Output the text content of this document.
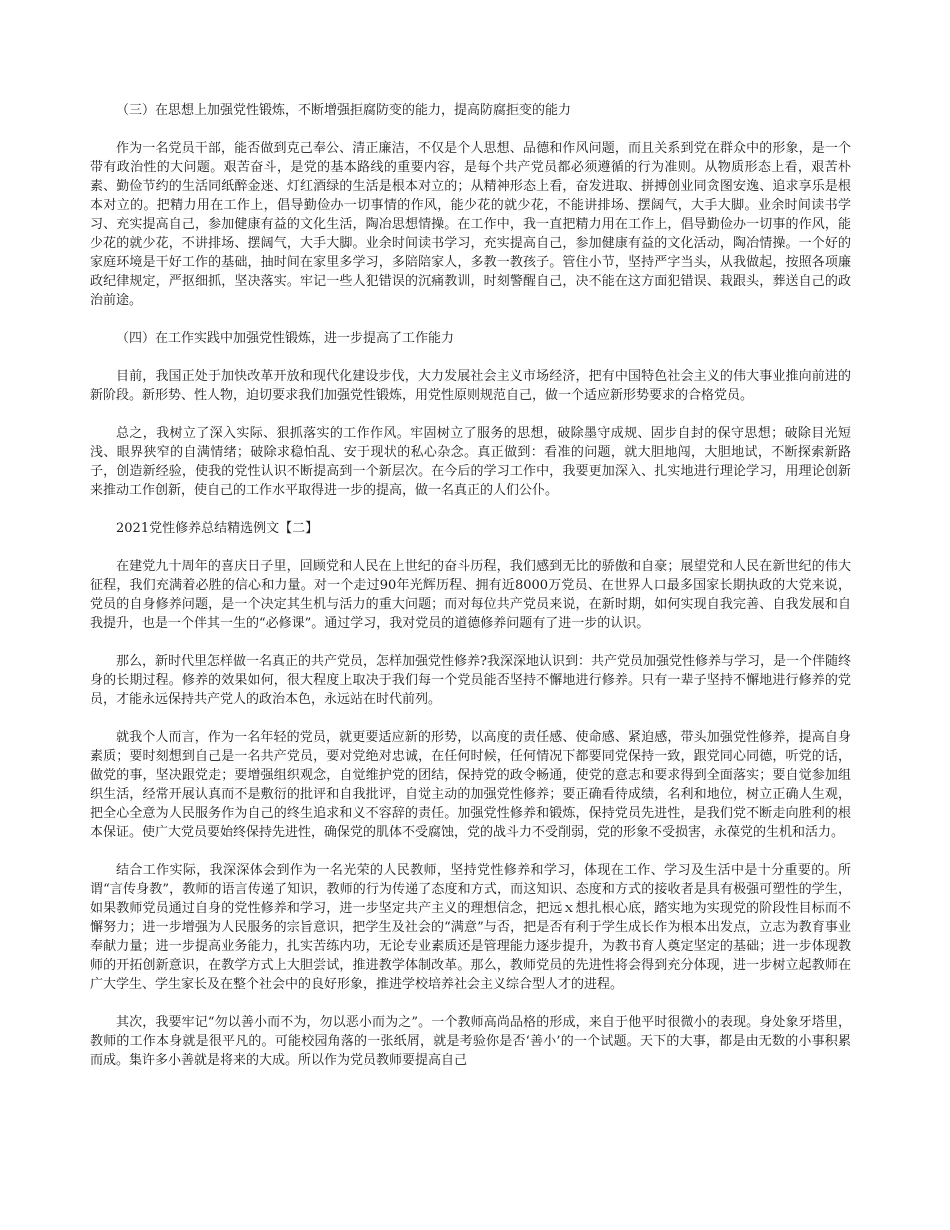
（三）在思想上加强党性锻炼，不断增强拒腐防变的能力，提高防腐拒变的能力

作为一名党员干部，能否做到克己奉公、清正廉洁，不仅是个人思想、品德和作风问题，而且关系到党在群众中的形象，是一个带有政治性的大问题。艰苦奋斗，是党的基本路线的重要内容，是每个共产党员都必须遵循的行为准则。从物质形态上看，艰苦朴素、勤俭节约的生活同纸醉金迷、灯红酒绿的生活是根本对立的；从精神形态上看，奋发进取、拼搏创业同贪图安逸、追求享乐是根本对立的。把精力用在工作上，倡导勤俭办一切事情的作风，能少花的就少花，不能讲排场、摆阔气，大手大脚。业余时间读书学习、充实提高自己，参加健康有益的文化生活，陶冶思想情操。在工作中，我一直把精力用在工作上，倡导勤俭办一切事的作风，能少花的就少花，不讲排场、摆阔气，大手大脚。业余时间读书学习，充实提高自己，参加健康有益的文化活动，陶冶情操。一个好的家庭环境是干好工作的基础，抽时间在家里多学习，多陪陪家人，多教一教孩子。管住小节，坚持严字当头，从我做起，按照各项廉政纪律规定，严抠细抓，坚决落实。牢记一些人犯错误的沉痛教训，时刻警醒自己，决不能在这方面犯错误、栽跟头，葬送自己的政治前途。

（四）在工作实践中加强党性锻炼，进一步提高了工作能力

目前，我国正处于加快改革开放和现代化建设步伐，大力发展社会主义市场经济，把有中国特色社会主义的伟大事业推向前进的新阶段。新形势、性人物，迫切要求我们加强党性锻炼，用党性原则规范自己，做一个适应新形势要求的合格党员。

总之，我树立了深入实际、狠抓落实的工作作风。牢固树立了服务的思想，破除墨守成规、固步自封的保守思想；破除目光短浅、眼界狭窄的自满情绪；破除求稳怕乱、安于现状的私心杂念。真正做到：看准的问题，就大胆地闯，大胆地试，不断探索新路子，创造新经验，使我的党性认识不断提高到一个新层次。在今后的学习工作中，我要更加深入、扎实地进行理论学习，用理论创新来推动工作创新，使自己的工作水平取得进一步的提高，做一名真正的人们公仆。

2021党性修养总结精选例文【二】

在建党九十周年的喜庆日子里，回顾党和人民在上世纪的奋斗历程，我们感到无比的骄傲和自豪；展望党和人民在新世纪的伟大征程，我们充满着必胜的信心和力量。对一个走过90年光辉历程、拥有近8000万党员、在世界人口最多国家长期执政的大党来说，党员的自身修养问题，是一个决定其生机与活力的重大问题；而对每位共产党员来说，在新时期，如何实现自我完善、自我发展和自我提升，也是一个伴其一生的“必修课”。通过学习，我对党员的道德修养问题有了进一步的认识。

那么，新时代里怎样做一名真正的共产党员，怎样加强党性修养?我深深地认识到：共产党员加强党性修养与学习，是一个伴随终身的长期过程。修养的效果如何，很大程度上取决于我们每一个党员能否坚持不懈地进行修养。只有一辈子坚持不懈地进行修养的党员，才能永远保持共产党人的政治本色，永远站在时代前列。

就我个人而言，作为一名年轻的党员，就更要适应新的形势，以高度的责任感、使命感、紧迫感，带头加强党性修养，提高自身素质；要时刻想到自己是一名共产党员，要对党绝对忠诚，在任何时候，任何情况下都要同党保持一致，跟党同心同德，听党的话，做党的事，坚决跟党走；要增强组织观念，自觉维护党的团结，保持党的政令畅通，使党的意志和要求得到全面落实；要自觉参加组织生活，经常开展认真而不是敷衍的批评和自我批评，自觉主动的加强党性修养；要正确看待成绩，名利和地位，树立正确人生观，把全心全意为人民服务作为自己的终生追求和义不容辞的责任。加强党性修养和锻炼，保持党员先进性，是我们党不断走向胜利的根本保证。使广大党员要始终保持先进性，确保党的肌体不受腐蚀，党的战斗力不受削弱，党的形象不受损害，永葆党的生机和活力。

结合工作实际，我深深体会到作为一名光荣的人民教师，坚持党性修养和学习，体现在工作、学习及生活中是十分重要的。所谓“言传身教”，教师的语言传递了知识，教师的行为传递了态度和方式，而这知识、态度和方式的接收者是具有极强可塑性的学生，如果教师党员通过自身的党性修养和学习，进一步坚定共产主义的理想信念，把远ｘ想扎根心底，踏实地为实现党的阶段性目标而不懈努力；进一步增强为人民服务的宗旨意识，把学生及社会的“满意”与否，把是否有利于学生成长作为根本出发点，立志为教育事业奉献力量；进一步提高业务能力，扎实苦练内功，无论专业素质还是管理能力逐步提升，为教书育人奠定坚定的基础；进一步体现教师的开拓创新意识，在教学方式上大胆尝试，推进教学体制改革。那么，教师党员的先进性将会得到充分体现，进一步树立起教师在广大学生、学生家长及在整个社会中的良好形象，推进学校培养社会主义综合型人才的进程。

其次，我要牢记“勿以善小而不为，勿以恶小而为之”。一个教师高尚品格的形成，来自于他平时很微小的表现。身处象牙塔里，教师的工作本身就是很平凡的。可能校园角落的一张纸屑，就是考验你是否‘善小’的一个试题。天下的大事，都是由无数的小事积累而成。集许多小善就是将来的大成。所以作为党员教师要提高自己
